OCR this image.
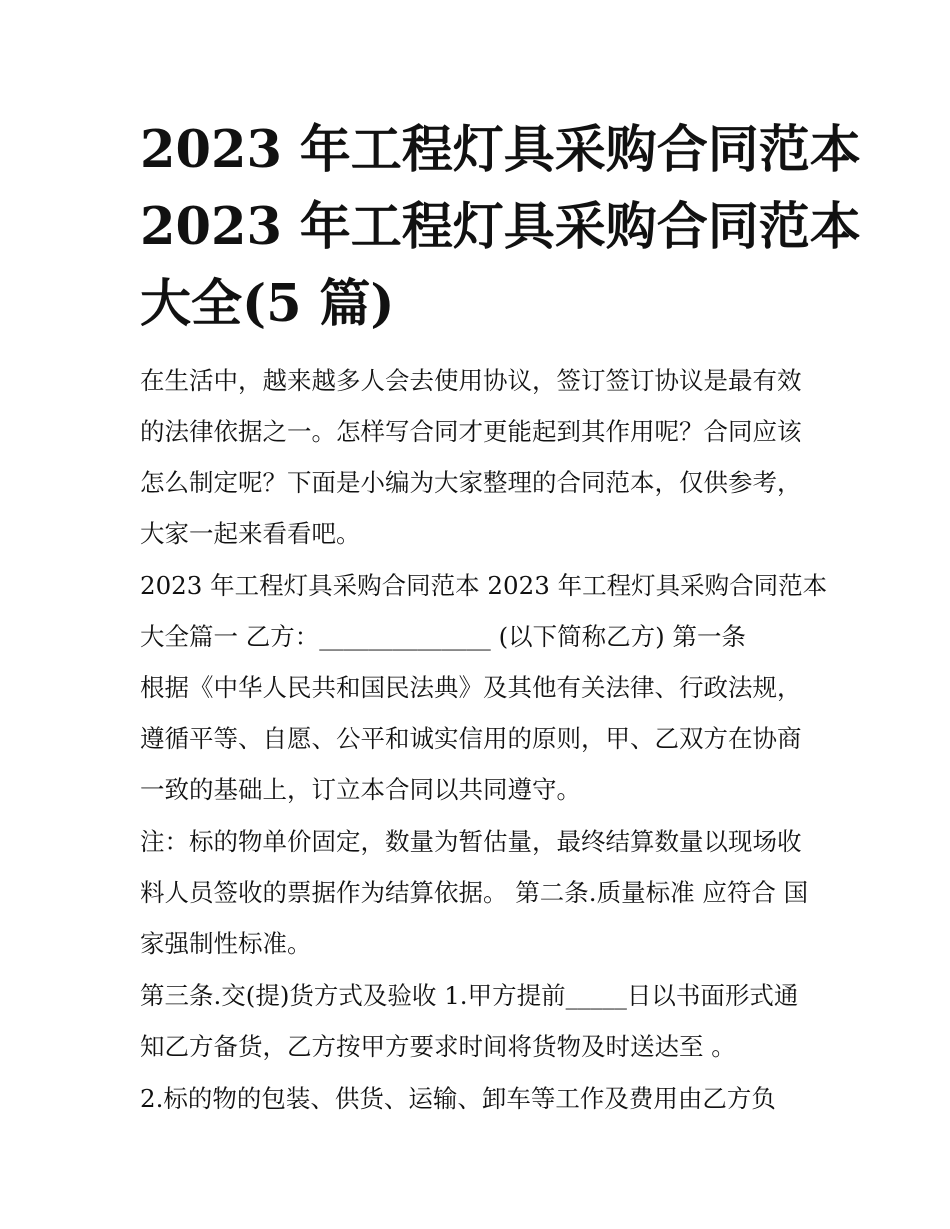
2023 年工程灯具采购合同范本
2023 年工程灯具采购合同范本
大全(5 篇)
在生活中，越来越多人会去使用协议，签订签订协议是最有效
的法律依据之一。怎样写合同才更能起到其作用呢？合同应该
怎么制定呢？下面是小编为大家整理的合同范本，仅供参考，
大家一起来看看吧。
2023 年工程灯具采购合同范本 2023 年工程灯具采购合同范本
大全篇一 乙方：______________ (以下简称乙方) 第一条
根据《中华人民共和国民法典》及其他有关法律、行政法规，
遵循平等、自愿、公平和诚实信用的原则，甲、乙双方在协商
一致的基础上，订立本合同以共同遵守。
注：标的物单价固定，数量为暂估量，最终结算数量以现场收
料人员签收的票据作为结算依据。 第二条.质量标准 应符合 国
家强制性标准。
第三条.交(提)货方式及验收 1.甲方提前_____日以书面形式通
知乙方备货，乙方按甲方要求时间将货物及时送达至 。
2.标的物的包装、供货、运输、卸车等工作及费用由乙方负
